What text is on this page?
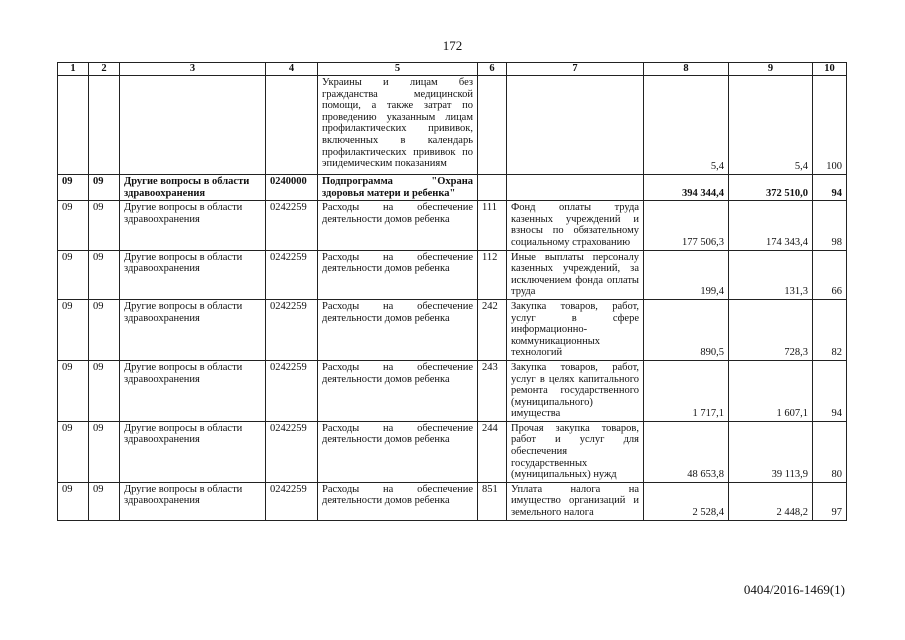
172
1	2	3	4	5	6	7	8	9	10
				Украины и лицам без гражданства медицинской помощи, а также затрат по проведению указанным лицам профилактических прививок, включенных в календарь профилактических прививок по эпидемическим показаниям			5,4	5,4	100
09	09	Другие вопросы в области здравоохранения	0240000	Подпрограмма "Охрана здоровья матери и ребенка"			394 344,4	372 510,0	94
09	09	Другие вопросы в области здравоохранения	0242259	Расходы на обеспечение деятельности домов ребенка	111	Фонд оплаты труда казенных учреждений и взносы по обязательному социальному страхованию	177 506,3	174 343,4	98
09	09	Другие вопросы в области здравоохранения	0242259	Расходы на обеспечение деятельности домов ребенка	112	Иные выплаты персоналу казенных учреждений, за исключением фонда оплаты труда	199,4	131,3	66
09	09	Другие вопросы в области здравоохранения	0242259	Расходы на обеспечение деятельности домов ребенка	242	Закупка товаров, работ, услуг в сфере информационно-коммуникационных технологий	890,5	728,3	82
09	09	Другие вопросы в области здравоохранения	0242259	Расходы на обеспечение деятельности домов ребенка	243	Закупка товаров, работ, услуг в целях капитального ремонта государственного (муниципального) имущества	1 717,1	1 607,1	94
09	09	Другие вопросы в области здравоохранения	0242259	Расходы на обеспечение деятельности домов ребенка	244	Прочая закупка товаров, работ и услуг для обеспечения государственных (муниципальных) нужд	48 653,8	39 113,9	80
09	09	Другие вопросы в области здравоохранения	0242259	Расходы на обеспечение деятельности домов ребенка	851	Уплата налога на имущество организаций и земельного налога	2 528,4	2 448,2	97
0404/2016-1469(1)
